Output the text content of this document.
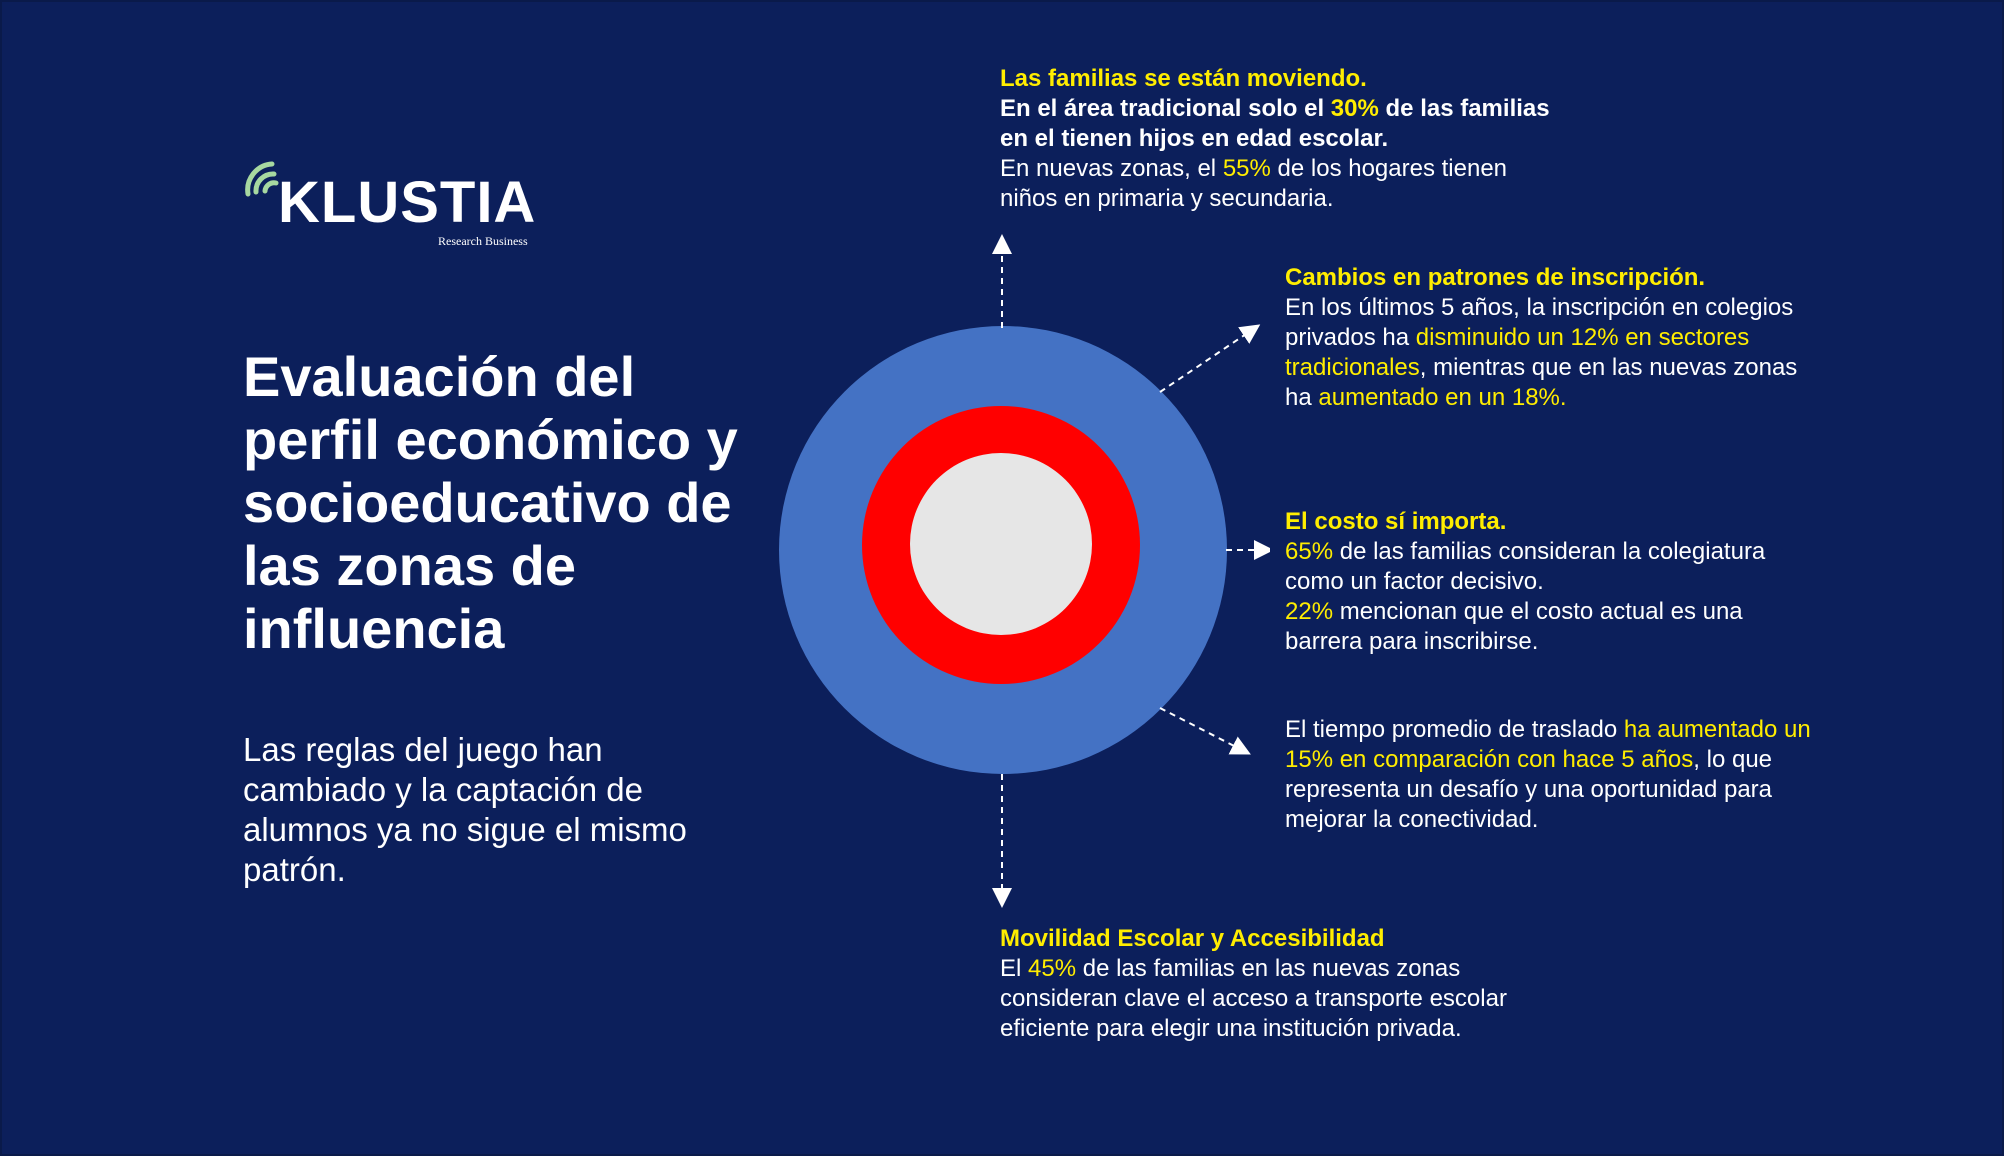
KLUSTIA
Research Business
Evaluación del perfil económico y socioeducativo de las zonas de influencia

Las reglas del juego han cambiado y la captación de alumnos ya no sigue el mismo patrón.

Las familias se están moviendo.
En el área tradicional solo el 30% de las familias en el tienen hijos en edad escolar.
En nuevas zonas, el 55% de los hogares tienen niños en primaria y secundaria.
Cambios en patrones de inscripción.
En los últimos 5 años, la inscripción en colegios privados ha disminuido un 12% en sectores tradicionales, mientras que en las nuevas zonas ha aumentado en un 18%.
El costo sí importa.
65% de las familias consideran la colegiatura como un factor decisivo.
22% mencionan que el costo actual es una barrera para inscribirse.
El tiempo promedio de traslado ha aumentado un 15% en comparación con hace 5 años, lo que representa un desafío y una oportunidad para mejorar la conectividad.
Movilidad Escolar y Accesibilidad
El 45% de las familias en las nuevas zonas consideran clave el acceso a transporte escolar eficiente para elegir una institución privada.
